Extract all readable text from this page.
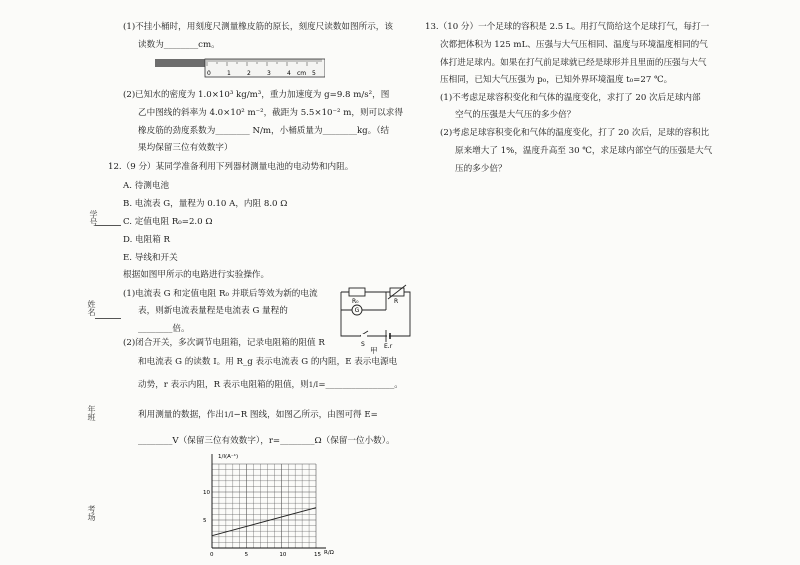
学号
姓名
年班
考场
(1)不挂小桶时，用刻度尺测量橡皮筋的原长，刻度尺读数如图所示，该
读数为________cm。
0	1	2	3	4 cm 5
(2)已知水的密度为 1.0×10³ kg/m³，重力加速度为 g=9.8 m/s²，图
乙中图线的斜率为 4.0×10² m⁻²，截距为 5.5×10⁻² m，则可以求得
橡皮筋的劲度系数为________ N/m，小桶质量为________kg。（结
果均保留三位有效数字）
12.（9 分）某同学准备利用下列器材测量电池的电动势和内阻。
A. 待测电池
B. 电流表 G，量程为 0.10 A，内阻 8.0 Ω
C. 定值电阻 R₀=2.0 Ω
D. 电阻箱 R
E. 导线和开关
根据如图甲所示的电路进行实验操作。
(1)电流表 G 和定值电阻 R₀ 并联后等效为新的电流
表，则新电流表量程是电流表 G 量程的
________倍。
R₀	R
G
S	E,r
甲
(2)闭合开关，多次调节电阻箱，记录电阻箱的阻值 R
和电流表 G 的读数 I。用 R_g 表示电流表 G 的内阻，E 表示电源电
动势，r 表示内阻，R 表示电阻箱的阻值，则1/I=________________。
利用测量的数据，作出1/I−R 图线，如图乙所示，由图可得 E=
________V（保留三位有效数字），r=________Ω（保留一位小数）。
0	5	10	15
5
10
1/I(A⁻¹)
R/Ω
13.（10 分）一个足球的容积是 2.5 L。用打气筒给这个足球打气，每打一
次都把体积为 125 mL、压强与大气压相同、温度与环境温度相同的气
体打进足球内。如果在打气前足球就已经是球形并且里面的压强与大气
压相同，已知大气压强为 p₀，已知外界环境温度 t₀=27 ℃。
(1)不考虑足球容积变化和气体的温度变化，求打了 20 次后足球内部
空气的压强是大气压的多少倍？
(2)考虑足球容积变化和气体的温度变化，打了 20 次后，足球的容积比
原来增大了 1%，温度升高至 30 ℃，求足球内部空气的压强是大气
压的多少倍？
